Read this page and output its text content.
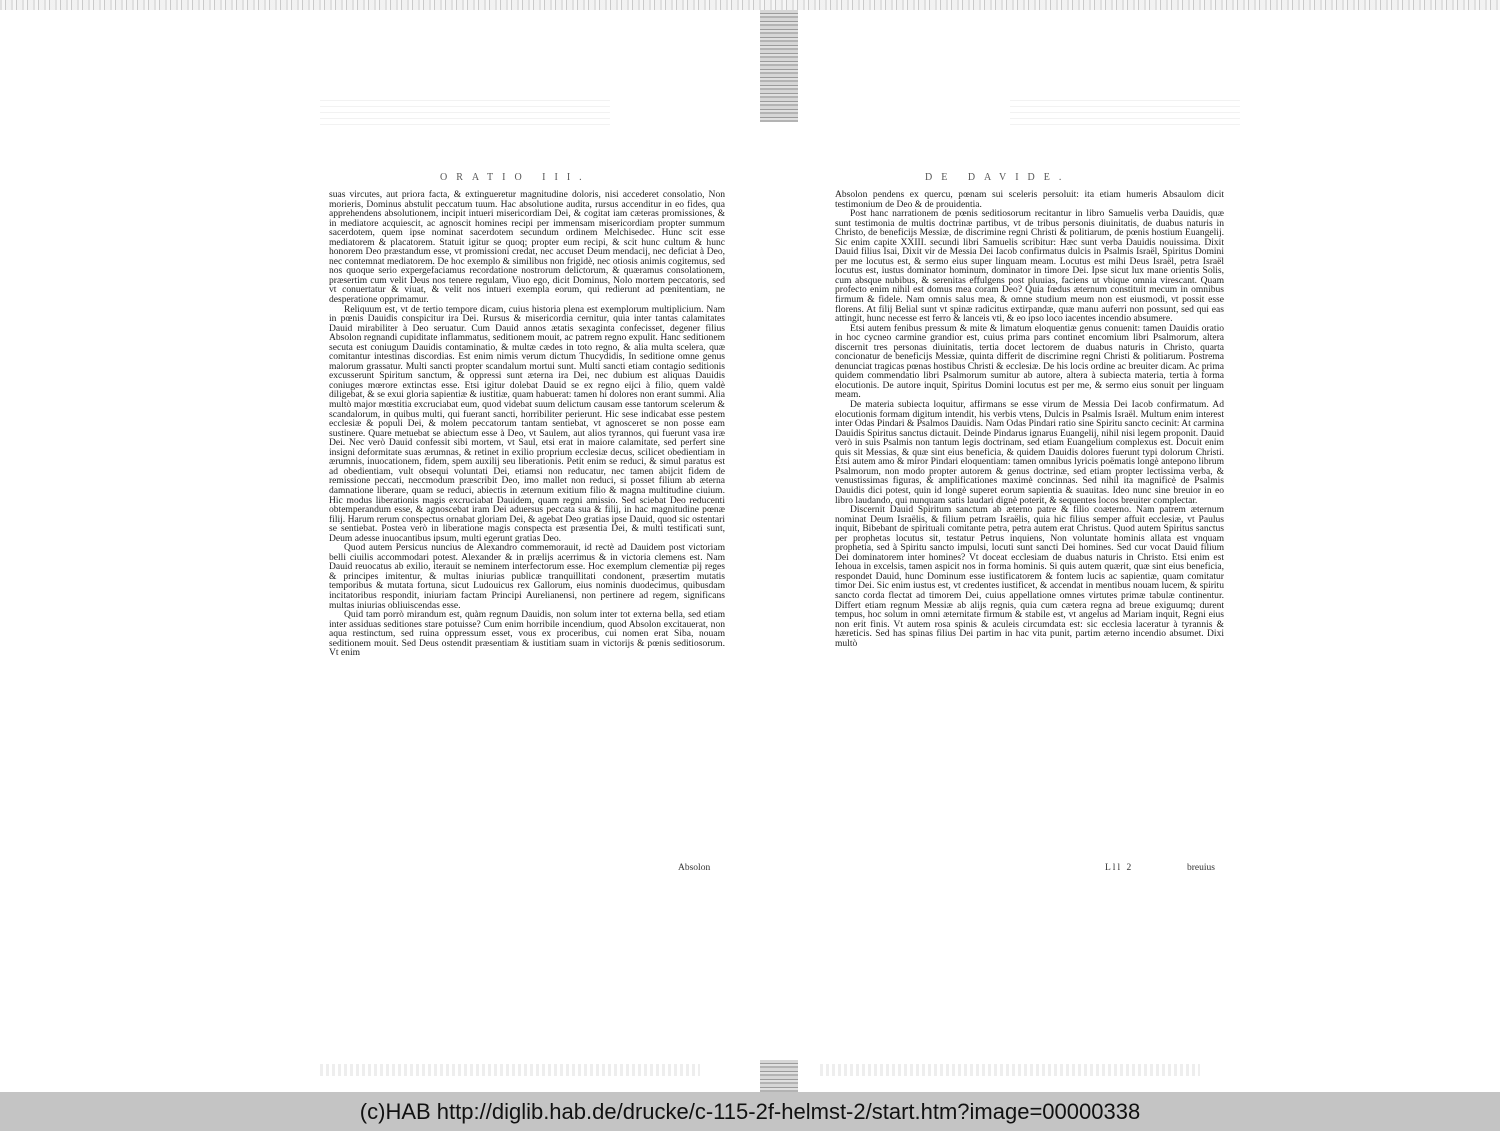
ORATIO III.	DE DAVIDE.

suas vircutes, aut priora facta, & extingueretur magnitudine doloris, nisi accederet consolatio, Non morieris, Dominus abstulit peccatum tuum. Hac absolutione audita, rursus accenditur in eo fides, qua apprehendens absolutionem, incipit intueri misericordiam Dei, & cogitat iam cæteras promissiones, & in mediatore acquiescit, ac agnoscit homines recipi per immensam misericordiam propter summum sacerdotem, quem ipse nominat sacerdotem secundum ordinem Melchisedec. Hunc scit esse mediatorem & placatorem. Statuit igitur se quoq; propter eum recipi, & scit hunc cultum & hunc honorem Deo præstandum esse, vt promissioni credat, nec accuset Deum mendacij, nec deficiat à Deo, nec contemnat mediatorem. De hoc exemplo & similibus non frigidè, nec otiosis animis cogitemus, sed nos quoque serio expergefaciamus recordatione nostrorum delictorum, & quæramus consolationem, præsertim cum velit Deus nos tenere regulam, Viuo ego, dicit Dominus, Nolo mortem peccatoris, sed vt conuertatur & viuat, & velit nos intueri exempla eorum, qui redierunt ad pœnitentiam, ne desperatione opprimamur.

Reliquum est, vt de tertio tempore dicam, cuius historia plena est exemplorum multiplicium. Nam in pœnis Dauidis conspicitur ira Dei. Rursus & misericordia cernitur, quia inter tantas calamitates Dauid mirabiliter à Deo seruatur. Cum Dauid annos ætatis sexaginta confecisset, degener filius Absolon regnandi cupiditate inflammatus, seditionem mouit, ac patrem regno expulit. Hanc seditionem secuta est coniugum Dauidis contaminatio, & multæ cædes in toto regno, & alia multa scelera, quæ comitantur intestinas discordias. Est enim nimis verum dictum Thucydidis, In seditione omne genus malorum grassatur. Multi sancti propter scandalum mortui sunt. Multi sancti etiam contagio seditionis excusserunt Spiritum sanctum, & oppressi sunt æterna ira Dei, nec dubium est aliquas Dauidis coniuges mœrore extinctas esse. Etsi igitur dolebat Dauid se ex regno eijci à filio, quem valdè diligebat, & se exui gloria sapientiæ & iustitiæ, quam habuerat: tamen hi dolores non erant summi. Alia multò major mœstitia excruciabat eum, quod videbat suum delictum causam esse tantorum scelerum & scandalorum, in quibus multi, qui fuerant sancti, horribiliter perierunt. Hic sese indicabat esse pestem ecclesiæ & populi Dei, & molem peccatorum tantam sentiebat, vt agnosceret se non posse eam sustinere. Quare metuebat se abiectum esse à Deo, vt Saulem, aut alios tyrannos, qui fuerunt vasa iræ Dei. Nec verò Dauid confessit sibi mortem, vt Saul, etsi erat in maiore calamitate, sed perfert sine insigni deformitate suas ærumnas, & retinet in exilio proprium ecclesiæ decus, scilicet obedientiam in ærumnis, inuocationem, fidem, spem auxilij seu liberationis. Petit enim se reduci, & simul paratus est ad obedientiam, vult obsequi voluntati Dei, etiamsi non reducatur, nec tamen abijcit fidem de remissione peccati, neccmodum præscribit Deo, imo mallet non reduci, si posset filium ab æterna damnatione liberare, quam se reduci, abiectis in æternum exitium filio & magna multitudine ciuium. Hic modus liberationis magis excruciabat Dauidem, quam regni amissio. Sed sciebat Deo reducenti obtemperandum esse, & agnoscebat iram Dei aduersus peccata sua & filij, in hac magnitudine pœnæ filij. Harum rerum conspectus ornabat gloriam Dei, & agebat Deo gratias ipse Dauid, quod sic ostentari se sentiebat. Postea verò in liberatione magis conspecta est præsentia Dei, & multi testificati sunt, Deum adesse inuocantibus ipsum, multi egerunt gratias Deo.

Quod autem Persicus nuncius de Alexandro commemorauit, id rectè ad Dauidem post victoriam belli ciuilis accommodari potest. Alexander & in prælijs acerrimus & in victoria clemens est. Nam Dauid reuocatus ab exilio, iterauit se neminem interfectorum esse. Hoc exemplum clementiæ pij reges & principes imitentur, & multas iniurias publicæ tranquillitati condonent, præsertim mutatis temporibus & mutata fortuna, sicut Ludouicus rex Gallorum, eius nominis duodecimus, quibusdam incitatoribus respondit, iniuriam factam Principi Aurelianensi, non pertinere ad regem, significans multas iniurias obliuiscendas esse.

Quid tam porrò mirandum est, quàm regnum Dauidis, non solum inter tot externa bella, sed etiam inter assiduas seditiones stare potuisse? Cum enim horribile incendium, quod Absolon excitauerat, non aqua restinctum, sed ruina oppressum esset, vous ex proceribus, cui nomen erat Siba, nouam seditionem mouit. Sed Deus ostendit præsentiam & iustitiam suam in victorijs & pœnis seditiosorum. Vt enim

Absolon

Absolon pendens ex quercu, pœnam sui sceleris persoluit: ita etiam humeris Absaulom dicit testimonium de Deo & de prouidentia.

Post hanc narrationem de pœnis seditiosorum recitantur in libro Samuelis verba Dauidis, quæ sunt testimonia de multis doctrinæ partibus, vt de tribus personis diuinitatis, de duabus naturis in Christo, de beneficijs Messiæ, de discrimine regni Christi & politiarum, de pœnis hostium Euangelij. Sic enim capite XXIII. secundi libri Samuelis scribitur: Hæc sunt verba Dauidis nouissima. Dixit Dauid filius Isai, Dixit vir de Messia Dei Iacob confirmatus dulcis in Psalmis Israël, Spiritus Domini per me locutus est, & sermo eius super linguam meam. Locutus est mihi Deus Israël, petra Israël locutus est, iustus dominator hominum, dominator in timore Dei. Ipse sicut lux mane orientis Solis, cum absque nubibus, & serenitas effulgens post pluuias, faciens ut vbique omnia virescant. Quam profecto enim nihil est domus mea coram Deo? Quia fœdus æternum constituit mecum in omnibus firmum & fidele. Nam omnis salus mea, & omne studium meum non est eiusmodi, vt possit esse florens. At filij Belial sunt vt spinæ radicitus extirpandæ, quæ manu auferri non possunt, sed qui eas attingit, hunc necesse est ferro & lanceis vti, & eo ipso loco iacentes incendio absumere.

Etsi autem fenibus pressum & mite & limatum eloquentiæ genus conuenit: tamen Dauidis oratio in hoc cycneo carmine grandior est, cuius prima pars continet encomium libri Psalmorum, altera discernit tres personas diuinitatis, tertia docet lectorem de duabus naturis in Christo, quarta concionatur de beneficijs Messiæ, quinta differit de discrimine regni Christi & politiarum. Postrema denunciat tragicas pœnas hostibus Christi & ecclesiæ. De his locis ordine ac breuiter dicam. Ac prima quidem commendatio libri Psalmorum sumitur ab autore, altera à subiecta materia, tertia à forma elocutionis. De autore inquit, Spiritus Domini locutus est per me, & sermo eius sonuit per linguam meam.

De materia subiecta loquitur, affirmans se esse virum de Messia Dei Iacob confirmatum. Ad elocutionis formam digitum intendit, his verbis vtens, Dulcis in Psalmis Israël. Multum enim interest inter Odas Pindari & Psalmos Dauidis. Nam Odas Pindari ratio sine Spiritu sancto cecinit: At carmina Dauidis Spiritus sanctus dictauit. Deinde Pindarus ignarus Euangelij, nihil nisi legem proponit. Dauid verò in suis Psalmis non tantum legis doctrinam, sed etiam Euangelium complexus est. Docuit enim quis sit Messias, & quæ sint eius beneficia, & quidem Dauidis dolores fuerunt typi dolorum Christi. Etsi autem amo & miror Pindari eloquentiam: tamen omnibus lyricis poëmatis longè antepono librum Psalmorum, non modo propter autorem & genus doctrinæ, sed etiam propter lectissima verba, & venustissimas figuras, & amplificationes maximè concinnas. Sed nihil ita magnificè de Psalmis Dauidis dici potest, quin id longè superet eorum sapientia & suauitas. Ideo nunc sine breuior in eo libro laudando, qui nunquam satis laudari dignè poterit, & sequentes locos breuiter complectar.

Discernit Dauid Spiritum sanctum ab æterno patre & filio coæterno. Nam patrem æternum nominat Deum Israëlis, & filium petram Israëlis, quia hic filius semper affuit ecclesiæ, vt Paulus inquit, Bibebant de spirituali comitante petra, petra autem erat Christus. Quod autem Spiritus sanctus per prophetas locutus sit, testatur Petrus inquiens, Non voluntate hominis allata est vnquam prophetia, sed à Spiritu sancto impulsi, locuti sunt sancti Dei homines. Sed cur vocat Dauid filium Dei dominatorem inter homines? Vt doceat ecclesiam de duabus naturis in Christo. Etsi enim est Iehoua in excelsis, tamen aspicit nos in forma hominis. Si quis autem quærit, quæ sint eius beneficia, respondet Dauid, hunc Dominum esse iustificatorem & fontem lucis ac sapientiæ, quam comitatur timor Dei. Sic enim iustus est, vt credentes iustificet, & accendat in mentibus nouam lucem, & spiritu sancto corda flectat ad timorem Dei, cuius appellatione omnes virtutes primæ tabulæ continentur. Differt etiam regnum Messiæ ab alijs regnis, quia cum cætera regna ad breue exiguumq; durent tempus, hoc solum in omni æternitate firmum & stabile est, vt angelus ad Mariam inquit, Regni eius non erit finis. Vt autem rosa spinis & aculeis circumdata est: sic ecclesia laceratur à tyrannis & hæreticis. Sed has spinas filius Dei partim in hac vita punit, partim æterno incendio absumet. Dixi multò

Lll 2	breuius
(c)HAB http://diglib.hab.de/drucke/c-115-2f-helmst-2/start.htm?image=00000338
